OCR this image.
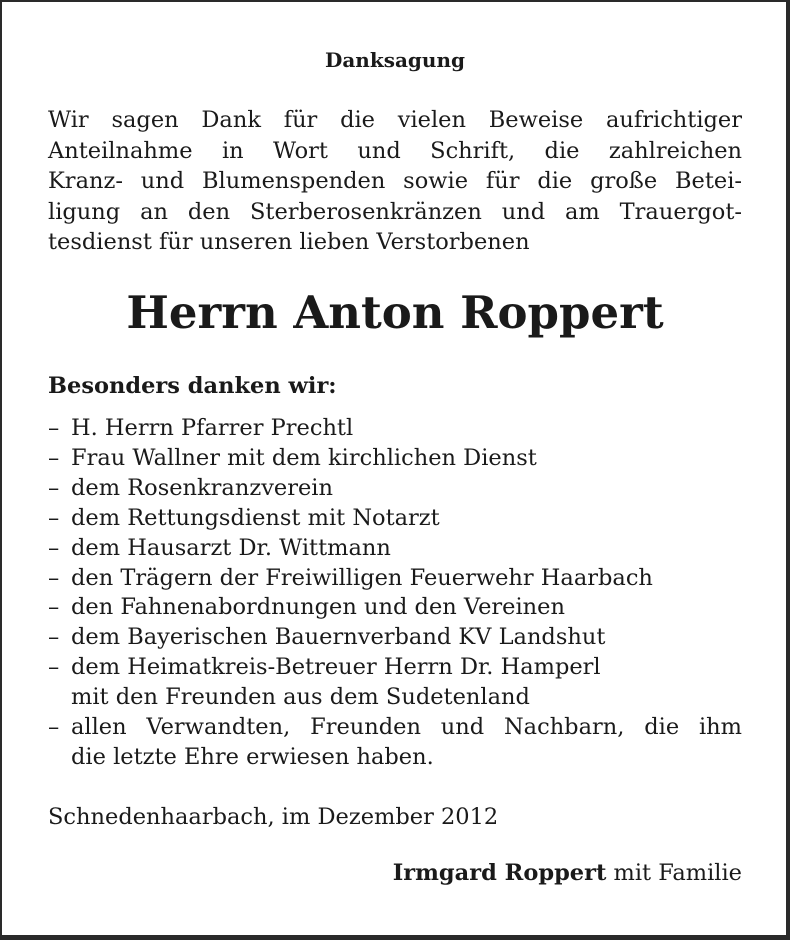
Danksagung

Wir sagen Dank für die vielen Beweise aufrichtiger
Anteilnahme in Wort und Schrift, die zahlreichen
Kranz- und Blumenspenden sowie für die große Betei-
ligung an den Sterberosenkränzen und am Trauergot-
tesdienst für unseren lieben Verstorbenen

Herrn Anton Roppert
Besonders danken wir:
– H. Herrn Pfarrer Prechtl
– Frau Wallner mit dem kirchlichen Dienst
– dem Rosenkranzverein
– dem Rettungsdienst mit Notarzt
– dem Hausarzt Dr. Wittmann
– den Trägern der Freiwilligen Feuerwehr Haarbach
– den Fahnenabordnungen und den Vereinen
– dem Bayerischen Bauernverband KV Landshut
– dem Heimatkreis-Betreuer Herrn Dr. Hamperl
mit den Freunden aus dem Sudetenland
– allen Verwandten, Freunden und Nachbarn, die ihm
die letzte Ehre erwiesen haben.
Schnedenhaarbach, im Dezember 2012
Irmgard Roppert mit Familie
